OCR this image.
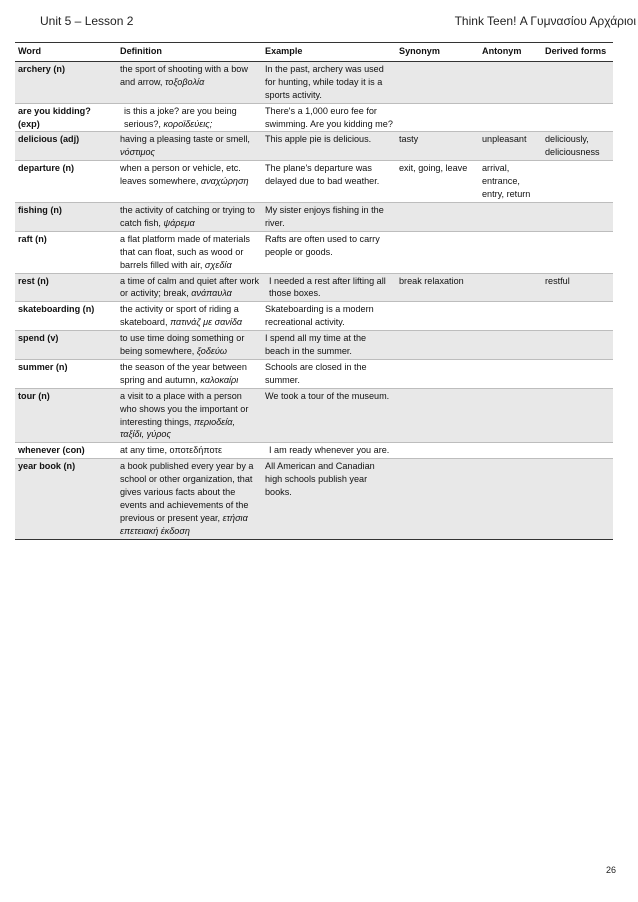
Unit 5 – Lesson 2	Think Teen! Α Γυμνασίου Αρχάριοι
Word	Definition	Example	Synonym	Antonym	Derived forms
archery (n)	the sport of shooting with a bow and arrow, τοξοβολία	In the past, archery was used for hunting, while today it is a sports activity.			
are you kidding? (exp)	is this a joke? are you being serious?, κοροϊδεύεις;	There's a 1,000 euro fee for swimming. Are you kidding me?			
delicious (adj)	having a pleasing taste or smell, νόστιμος	This apple pie is delicious.	tasty	unpleasant	deliciously, deliciousness
departure (n)	when a person or vehicle, etc. leaves somewhere, αναχώρηση	The plane's departure was delayed due to bad weather.	exit, going, leave	arrival, entrance, entry, return	
fishing (n)	the activity of catching or trying to catch fish, ψάρεμα	My sister enjoys fishing in the river.			
raft (n)	a flat platform made of materials that can float, such as wood or barrels filled with air, σχεδία	Rafts are often used to carry people or goods.			
rest (n)	a time of calm and quiet after work or activity; break, ανάπαυλα	I needed a rest after lifting all those boxes.	break relaxation		restful
skateboarding (n)	the activity or sport of riding a skateboard, πατινάζ με σανίδα	Skateboarding is a modern recreational activity.			
spend (v)	to use time doing something or being somewhere, ξοδεύω	I spend all my time at the beach in the summer.			
summer (n)	the season of the year between spring and autumn, καλοκαίρι	Schools are closed in the summer.			
tour (n)	a visit to a place with a person who shows you the important or interesting things, περιοδεία, ταξίδι, γύρος	We took a tour of the museum.			
whenever (con)	at any time, οποτεδήποτε	I am ready whenever you are.			
year book (n)	a book published every year by a school or other organization, that gives various facts about the events and achievements of the previous or present year, ετήσια επετειακή έκδοση	All American and Canadian high schools publish year books.			
26
